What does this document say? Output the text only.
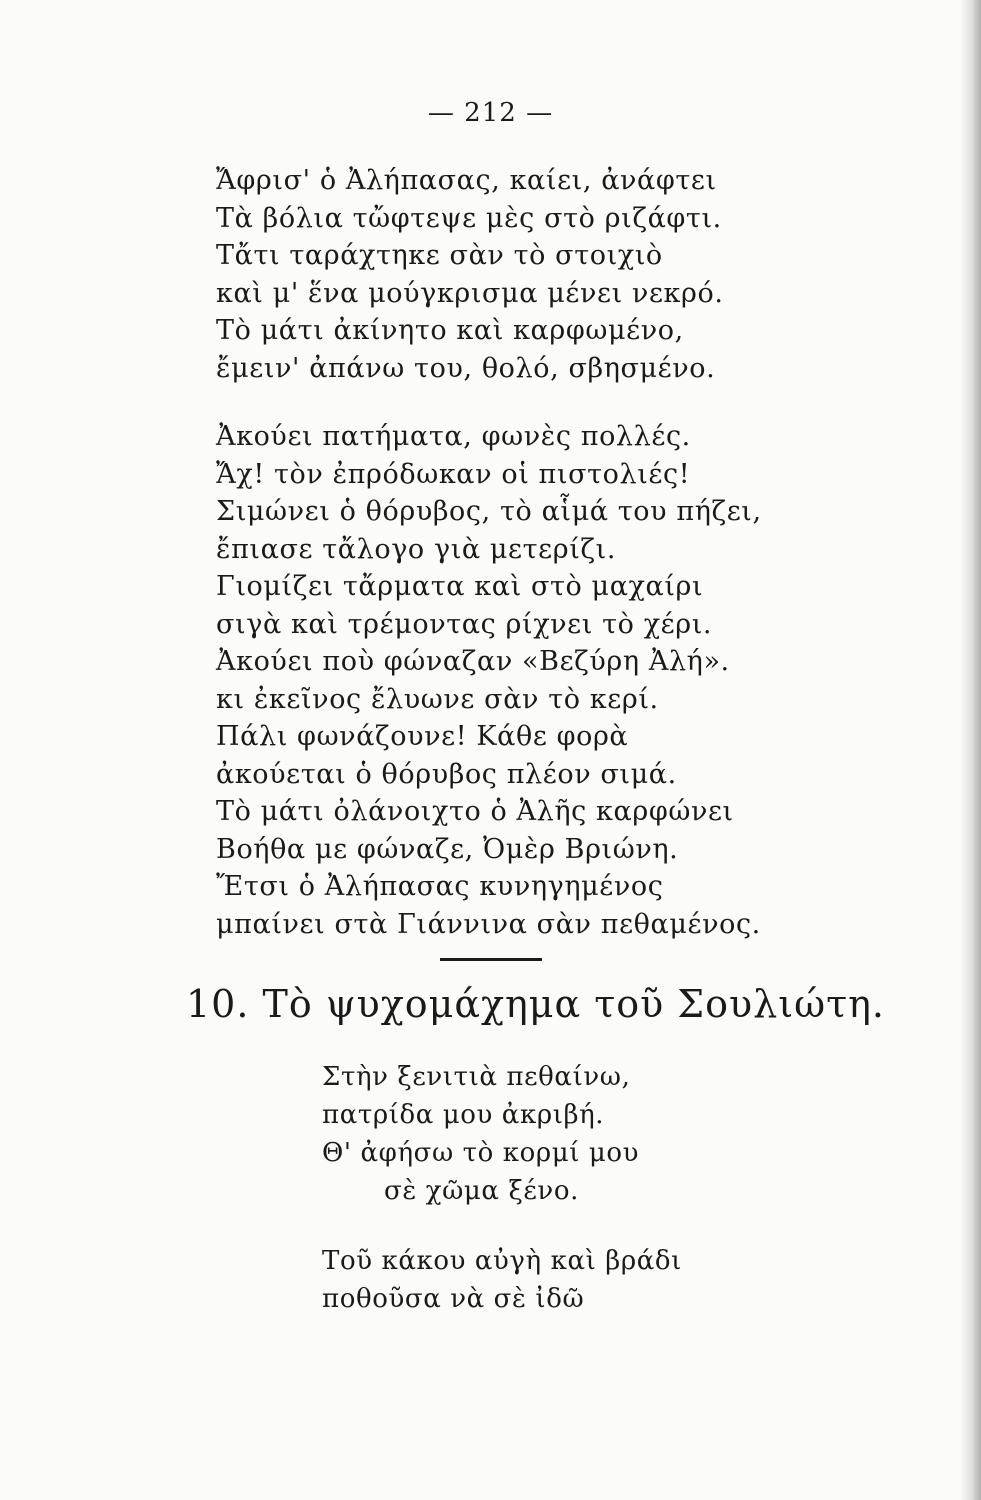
— 212 —
Ἄφρισ' ὁ Ἀλήπασας, καίει, ἀνάφτει
Τὰ βόλια τὤφτεψε μὲς στὸ ριζάφτι.
Τἄτι ταράχτηκε σὰν τὸ στοιχιὸ
καὶ μ' ἕνα μούγκρισμα μένει νεκρό.
Τὸ μάτι ἀκίνητο καὶ καρφωμένο,
ἔμειν' ἀπάνω του, θολό, σβησμένο.
Ἀκούει πατήματα, φωνὲς πολλές.
Ἄχ! τὸν ἐπρόδωκαν οἱ πιστολιές!
Σιμώνει ὁ θόρυβος, τὸ αἷμά του πήζει,
ἔπιασε τἄλογο γιὰ μετερίζι.
Γιομίζει τἄρματα καὶ στὸ μαχαίρι
σιγὰ καὶ τρέμοντας ρίχνει τὸ χέρι.
Ἀκούει ποὺ φώναζαν «Βεζύρη Ἀλή».
κι ἐκεῖνος ἔλυωνε σὰν τὸ κερί.
Πάλι φωνάζουνε! Κάθε φορὰ
ἀκούεται ὁ θόρυβος πλέον σιμά.
Τὸ μάτι ὀλάνοιχτο ὁ Ἀλῆς καρφώνει
Βοήθα με φώναζε, Ὀμὲρ Βριώνη.
Ἔτσι ὁ Ἀλήπασας κυνηγημένος
μπαίνει στὰ Γιάννινα σὰν πεθαμένος.
10. Τὸ ψυχομάχημα τοῦ Σουλιώτη.
Στὴν ξενιτιὰ πεθαίνω,
πατρίδα μου ἀκριβή.
Θ' ἀφήσω τὸ κορμί μου
σὲ χῶμα ξένο.
Τοῦ κάκου αὐγὴ καὶ βράδι
ποθοῦσα νὰ σὲ ἰδῶ
